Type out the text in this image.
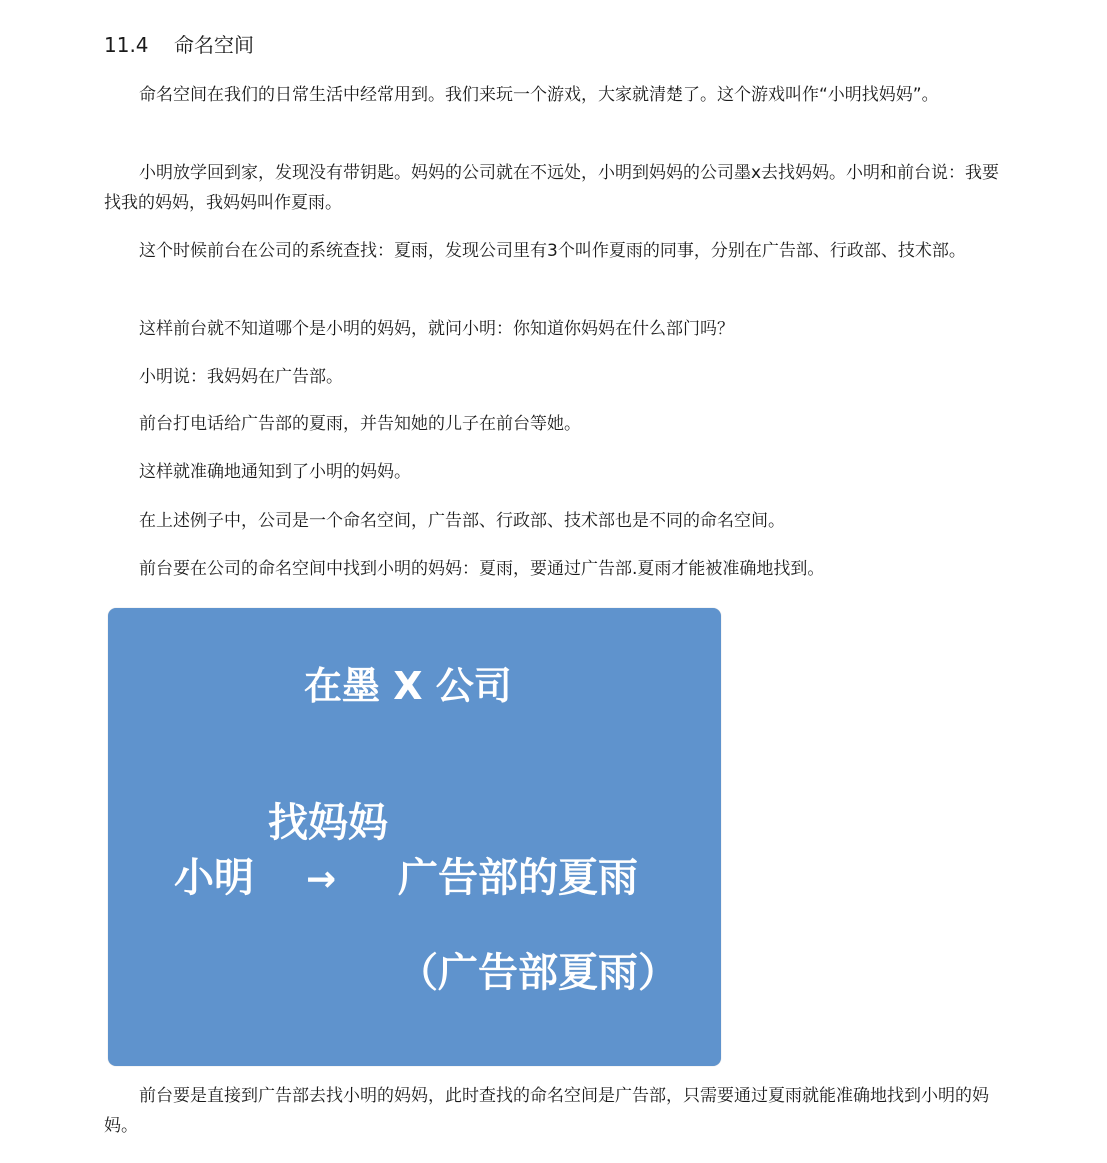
11.4 命名空间

命名空间在我们的日常生活中经常用到。我们来玩一个游戏，大家就清楚了。这个游戏叫作“小明找妈妈”。

小明放学回到家，发现没有带钥匙。妈妈的公司就在不远处，小明到妈妈的公司墨x去找妈妈。小明和前台说：我要找我的妈妈，我妈妈叫作夏雨。

这个时候前台在公司的系统查找：夏雨，发现公司里有3个叫作夏雨的同事，分别在广告部、行政部、技术部。

这样前台就不知道哪个是小明的妈妈，就问小明：你知道你妈妈在什么部门吗？

小明说：我妈妈在广告部。

前台打电话给广告部的夏雨，并告知她的儿子在前台等她。

这样就准确地通知到了小明的妈妈。

在上述例子中，公司是一个命名空间，广告部、行政部、技术部也是不同的命名空间。

前台要在公司的命名空间中找到小明的妈妈：夏雨，要通过广告部.夏雨才能被准确地找到。

在墨 X 公司
找妈妈
小明 → 广告部的夏雨
（广告部夏雨）

前台要是直接到广告部去找小明的妈妈，此时查找的命名空间是广告部，只需要通过夏雨就能准确地找到小明的妈妈。
